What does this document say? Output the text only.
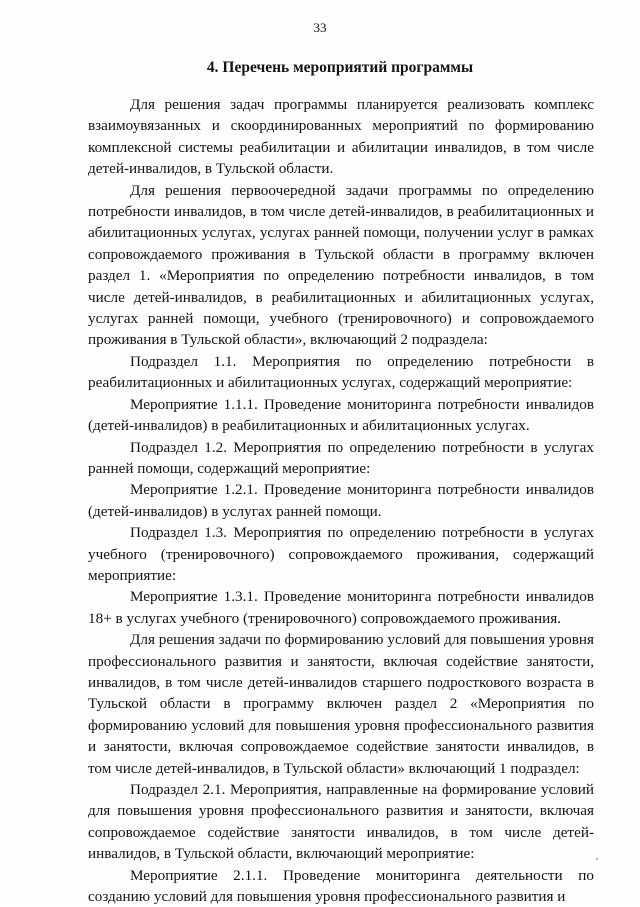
33
4. Перечень мероприятий программы

Для решения задач программы планируется реализовать комплекс взаимоувязанных и скоординированных мероприятий по формированию комплексной системы реабилитации и абилитации инвалидов, в том числе детей-инвалидов, в Тульской области.

Для решения первоочередной задачи программы по определению потребности инвалидов, в том числе детей-инвалидов, в реабилитационных и абилитационных услугах, услугах ранней помощи, получении услуг в рамках сопровождаемого проживания в Тульской области в программу включен раздел 1. «Мероприятия по определению потребности инвалидов, в том числе детей-инвалидов, в реабилитационных и абилитационных услугах, услугах ранней помощи, учебного (тренировочного) и сопровождаемого проживания в Тульской области», включающий 2 подраздела:

Подраздел 1.1. Мероприятия по определению потребности в реабилитационных и абилитационных услугах, содержащий мероприятие:

Мероприятие 1.1.1. Проведение мониторинга потребности инвалидов (детей-инвалидов) в реабилитационных и абилитационных услугах.

Подраздел 1.2. Мероприятия по определению потребности в услугах ранней помощи, содержащий мероприятие:

Мероприятие 1.2.1. Проведение мониторинга потребности инвалидов (детей-инвалидов) в услугах ранней помощи.

Подраздел 1.3. Мероприятия по определению потребности в услугах учебного (тренировочного) сопровождаемого проживания, содержащий мероприятие:

Мероприятие 1.3.1. Проведение мониторинга потребности инвалидов 18+ в услугах учебного (тренировочного) сопровождаемого проживания.

Для решения задачи по формированию условий для повышения уровня профессионального развития и занятости, включая содействие занятости, инвалидов, в том числе детей-инвалидов старшего подросткового возраста в Тульской области в программу включен раздел 2 «Мероприятия по формированию условий для повышения уровня профессионального развития и занятости, включая сопровождаемое содействие занятости инвалидов, в том числе детей-инвалидов, в Тульской области» включающий 1 подраздел:

Подраздел 2.1. Мероприятия, направленные на формирование условий для повышения уровня профессионального развития и занятости, включая сопровождаемое содействие занятости инвалидов, в том числе детей-инвалидов, в Тульской области, включающий мероприятие:

Мероприятие 2.1.1. Проведение мониторинга деятельности по созданию условий для повышения уровня профессионального развития и
